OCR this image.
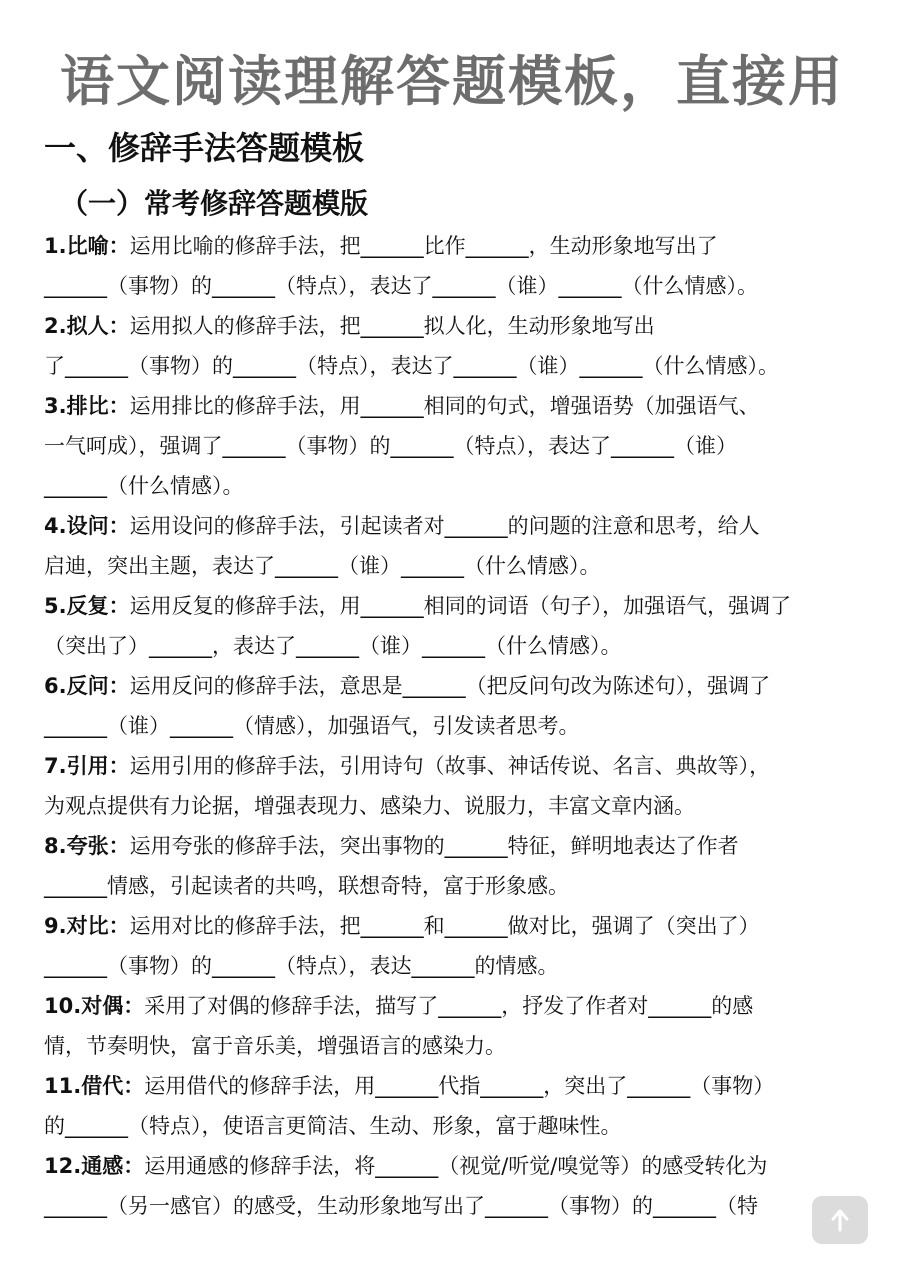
语文阅读理解答题模板，直接用
一、修辞手法答题模板
（一）常考修辞答题模版
1.比喻：运用比喻的修辞手法，把______比作______，生动形象地写出了
______（事物）的______（特点），表达了______（谁）______（什么情感）。
2.拟人：运用拟人的修辞手法，把______拟人化，生动形象地写出
了______（事物）的______（特点），表达了______（谁）______（什么情感）。
3.排比：运用排比的修辞手法，用______相同的句式，增强语势（加强语气、
一气呵成），强调了______（事物）的______（特点），表达了______（谁）
______（什么情感）。
4.设问：运用设问的修辞手法，引起读者对______的问题的注意和思考，给人
启迪，突出主题，表达了______（谁）______（什么情感）。
5.反复：运用反复的修辞手法，用______相同的词语（句子），加强语气，强调了
（突出了）______，表达了______（谁）______（什么情感）。
6.反问：运用反问的修辞手法，意思是______（把反问句改为陈述句），强调了
______（谁）______（情感），加强语气，引发读者思考。
7.引用：运用引用的修辞手法，引用诗句（故事、神话传说、名言、典故等），
为观点提供有力论据，增强表现力、感染力、说服力，丰富文章内涵。
8.夸张：运用夸张的修辞手法，突出事物的______特征，鲜明地表达了作者
______情感，引起读者的共鸣，联想奇特，富于形象感。
9.对比：运用对比的修辞手法，把______和______做对比，强调了（突出了）
______（事物）的______（特点），表达______的情感。
10.对偶：采用了对偶的修辞手法，描写了______，抒发了作者对______的感
情，节奏明快，富于音乐美，增强语言的感染力。
11.借代：运用借代的修辞手法，用______代指______，突出了______（事物）
的______（特点），使语言更简洁、生动、形象，富于趣味性。
12.通感：运用通感的修辞手法，将______（视觉/听觉/嗅觉等）的感受转化为
______（另一感官）的感受，生动形象地写出了______（事物）的______（特
